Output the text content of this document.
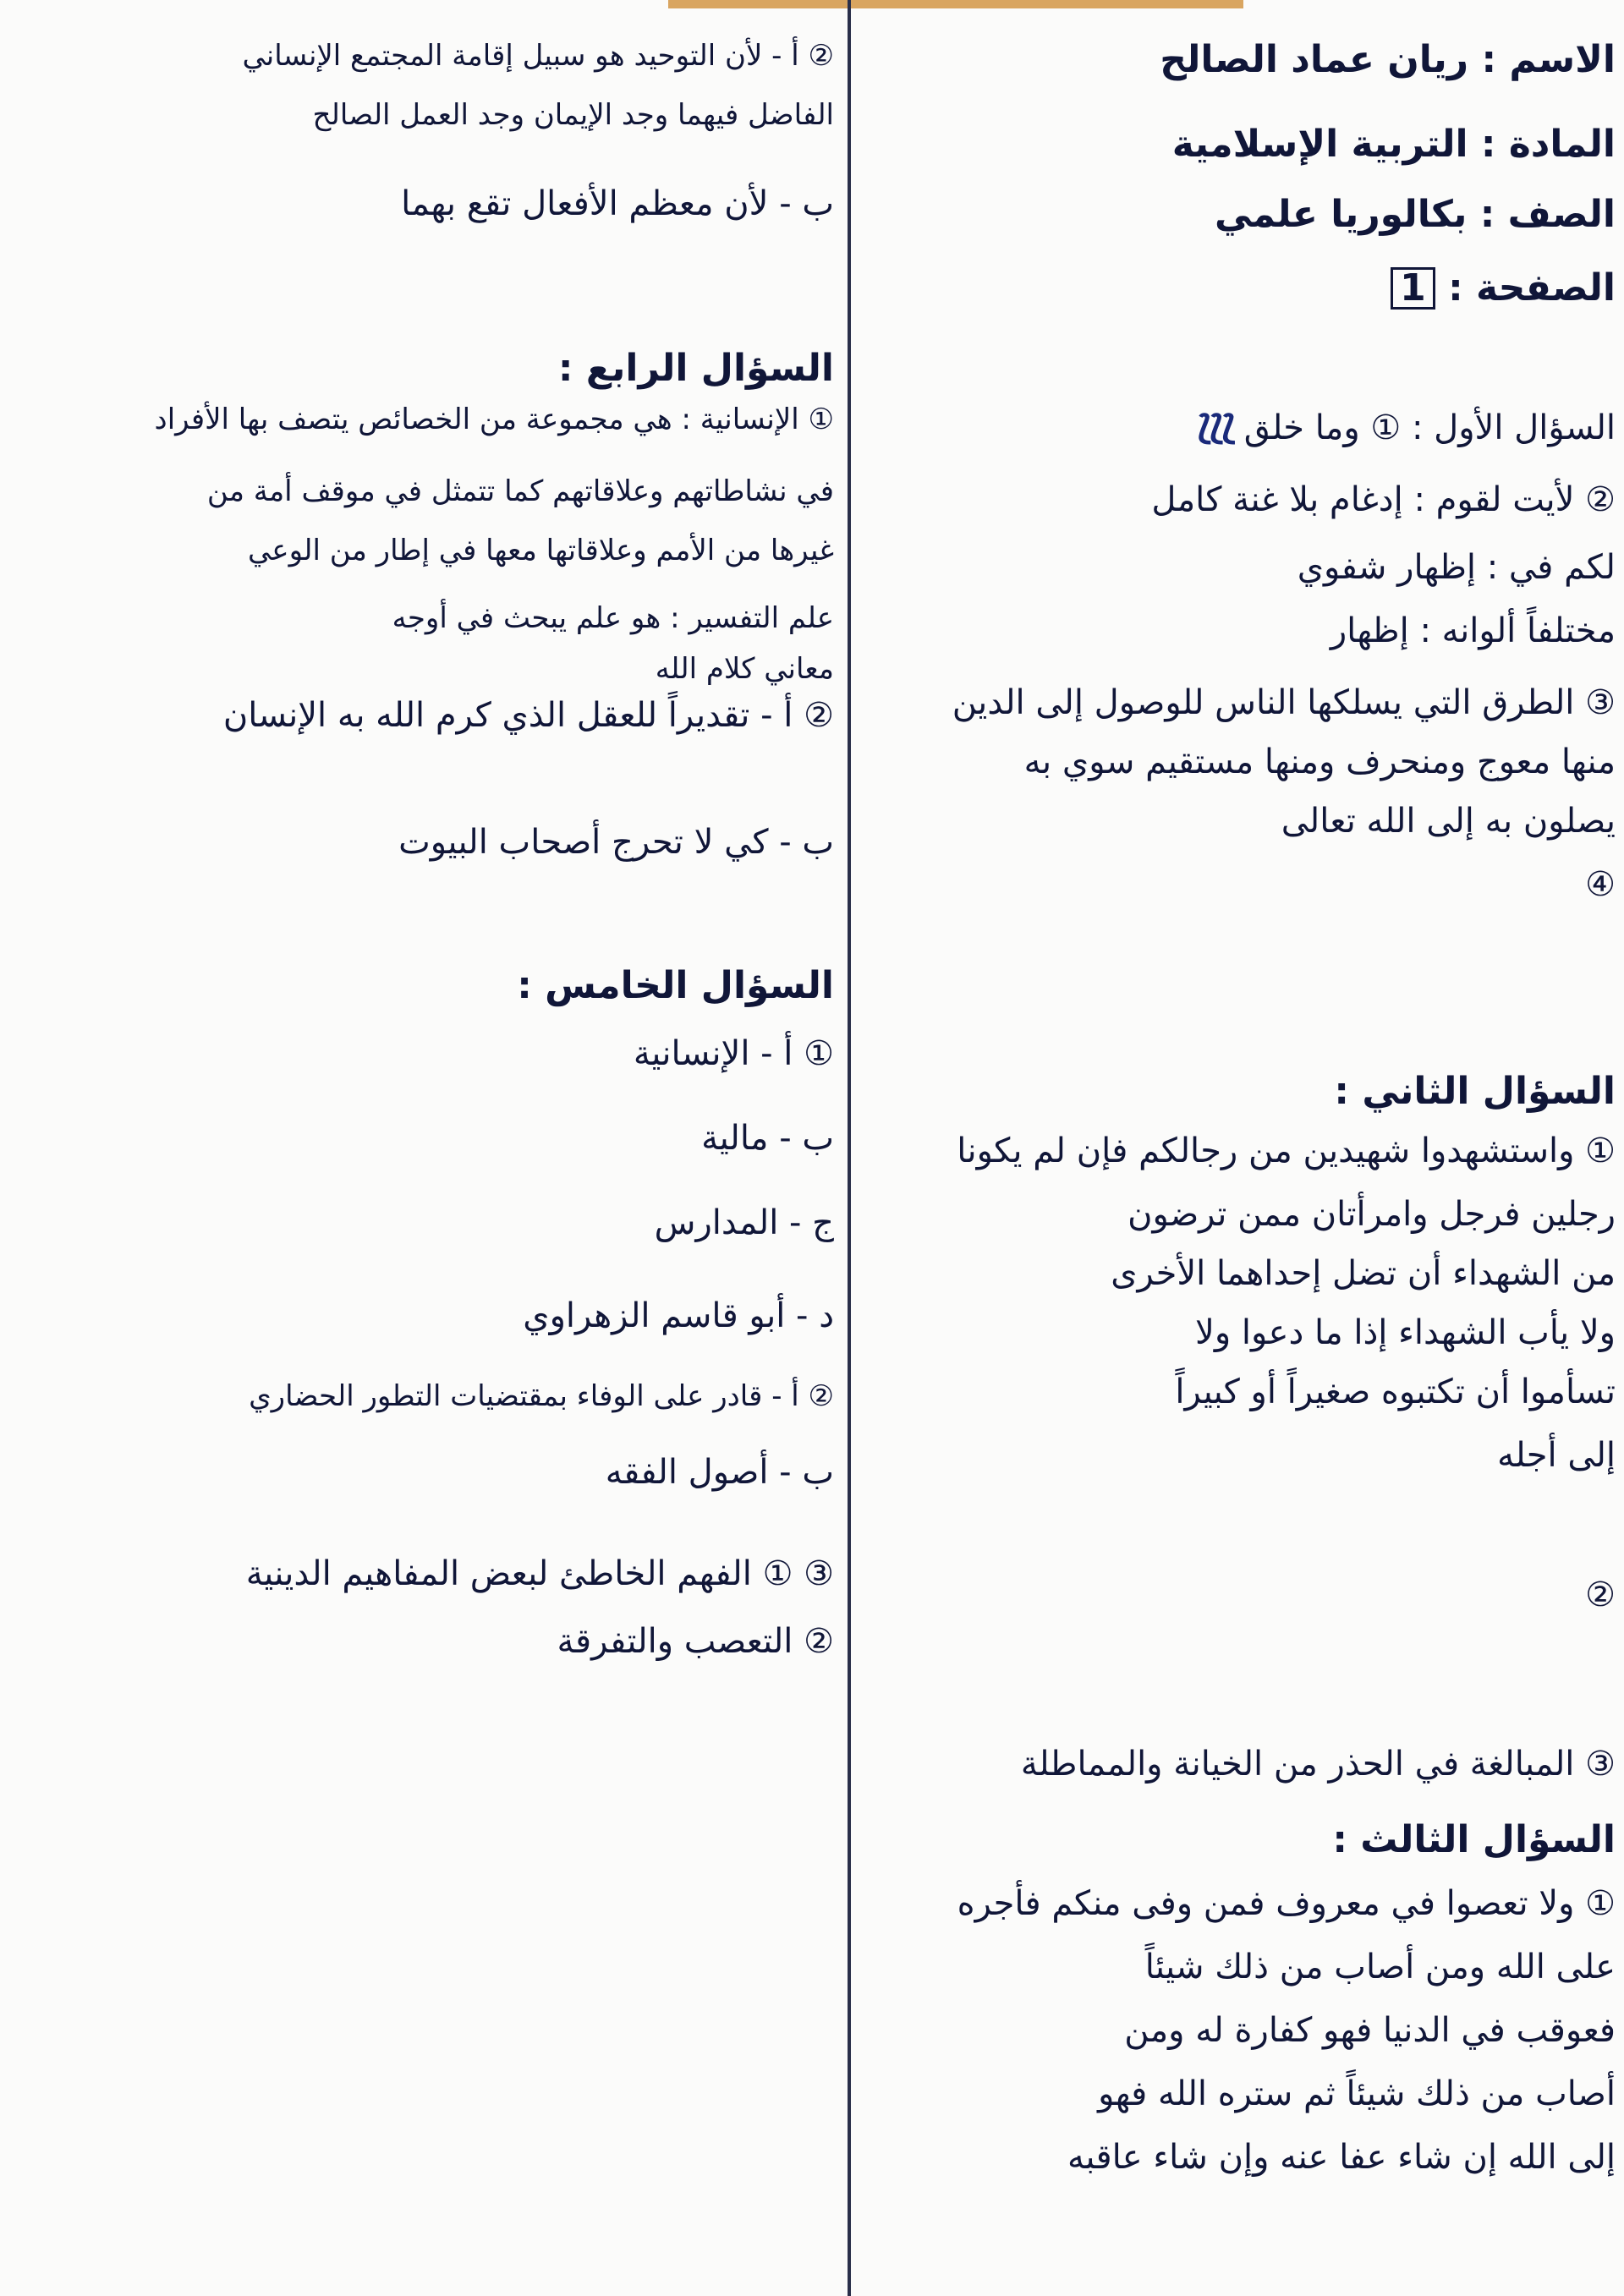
الاسم : ريان عماد الصالح
المادة : التربية الإسلامية
الصف : بكالوريا علمي
الصفحة : 1
السؤال الأول : ① وما خلق ⟆⟆⟆
② لأيت لقوم : إدغام بلا غنة كامل
لكم في : إظهار شفوي
مختلفاً ألوانه : إظهار
③ الطرق التي يسلكها الناس للوصول إلى الدين
منها معوج ومنحرف ومنها مستقيم سوي به
يصلون به إلى الله تعالى
④
السؤال الثاني :
① واستشهدوا شهيدين من رجالكم فإن لم يكونا
رجلين فرجل وامرأتان ممن ترضون
من الشهداء أن تضل إحداهما الأخرى
ولا يأب الشهداء إذا ما دعوا ولا
تسأموا أن تكتبوه صغيراً أو كبيراً
إلى أجله
②
③ المبالغة في الحذر من الخيانة والمماطلة
السؤال الثالث :
① ولا تعصوا في معروف فمن وفى منكم فأجره
على الله ومن أصاب من ذلك شيئاً
فعوقب في الدنيا فهو كفارة له ومن
أصاب من ذلك شيئاً ثم ستره الله فهو
إلى الله إن شاء عفا عنه وإن شاء عاقبه
② أ - لأن التوحيد هو سبيل إقامة المجتمع الإنساني
الفاضل فيهما وجد الإيمان وجد العمل الصالح
ب - لأن معظم الأفعال تقع بهما
السؤال الرابع :
① الإنسانية : هي مجموعة من الخصائص يتصف بها الأفراد
في نشاطاتهم وعلاقاتهم كما تتمثل في موقف أمة من
غيرها من الأمم وعلاقاتها معها في إطار من الوعي
علم التفسير : هو علم يبحث في أوجه
معاني كلام الله
② أ - تقديراً للعقل الذي كرم الله به الإنسان
ب - كي لا تحرج أصحاب البيوت
السؤال الخامس :
① أ - الإنسانية
ب - مالية
ج - المدارس
د - أبو قاسم الزهراوي
② أ - قادر على الوفاء بمقتضيات التطور الحضاري
ب - أصول الفقه
③ ① الفهم الخاطئ لبعض المفاهيم الدينية
② التعصب والتفرقة
